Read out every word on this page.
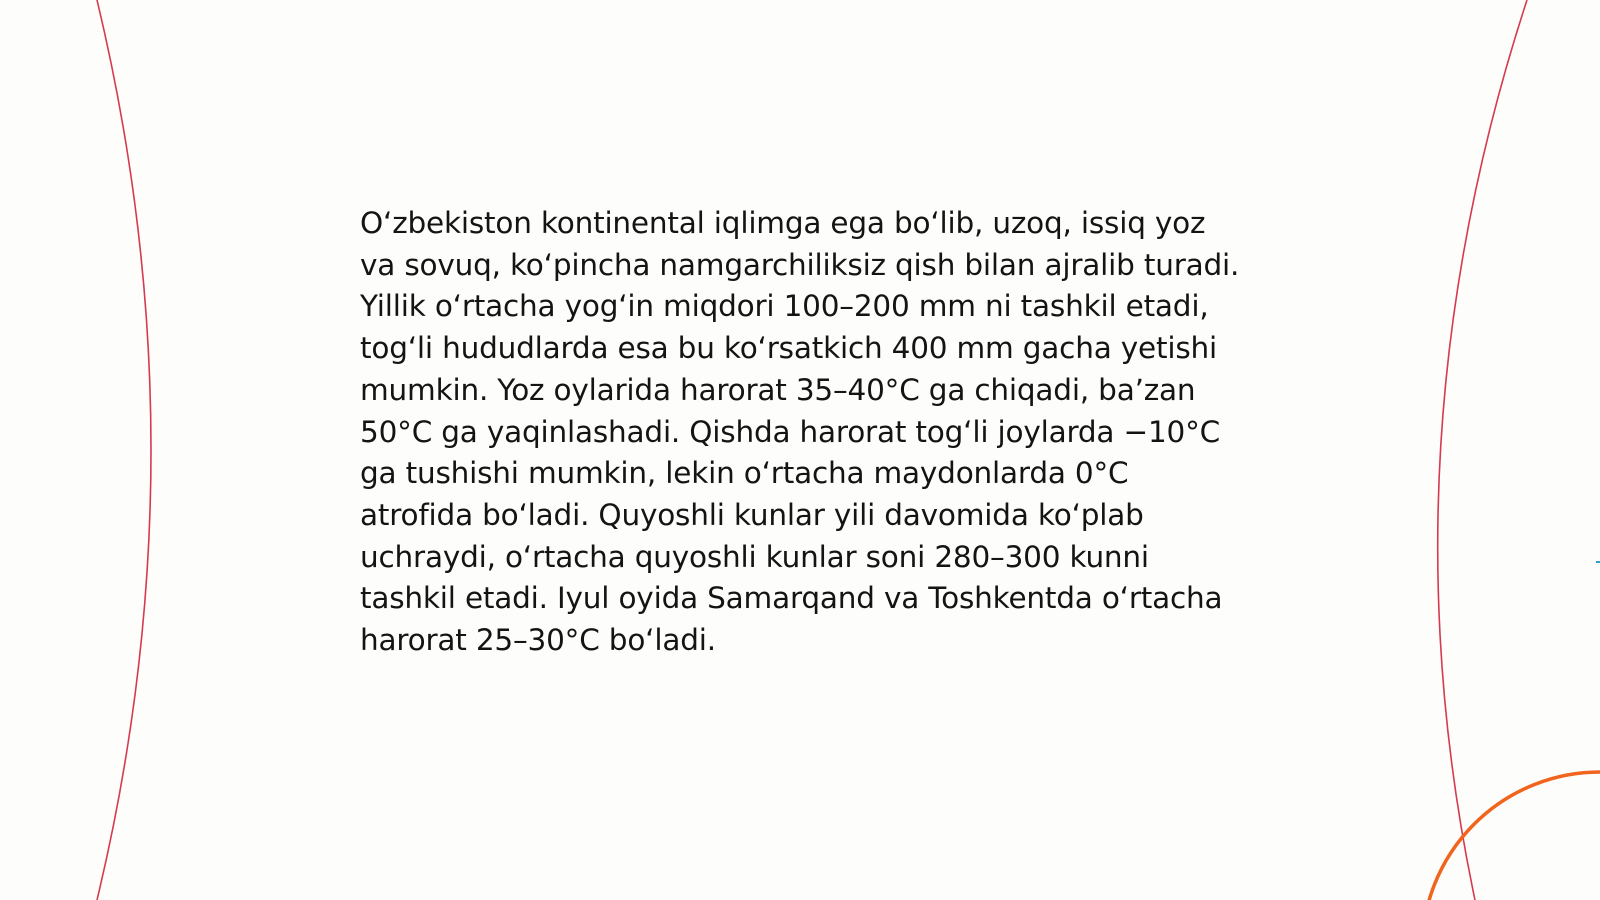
O‘zbekiston kontinental iqlimga ega bo‘lib, uzoq, issiq yoz va sovuq, ko‘pincha namgarchiliksiz qish bilan ajralib turadi. Yillik o‘rtacha yog‘in miqdori 100–200 mm ni tashkil etadi, tog‘li hududlarda esa bu ko‘rsatkich 400 mm gacha yetishi mumkin. Yoz oylarida harorat 35–40°C ga chiqadi, ba’zan 50°C ga yaqinlashadi. Qishda harorat tog‘li joylarda −10°C ga tushishi mumkin, lekin o‘rtacha maydonlarda 0°C atrofida bo‘ladi. Quyoshli kunlar yili davomida ko‘plab uchraydi, o‘rtacha quyoshli kunlar soni 280–300 kunni tashkil etadi. Iyul oyida Samarqand va Toshkentda o‘rtacha harorat 25–30°C bo‘ladi.
